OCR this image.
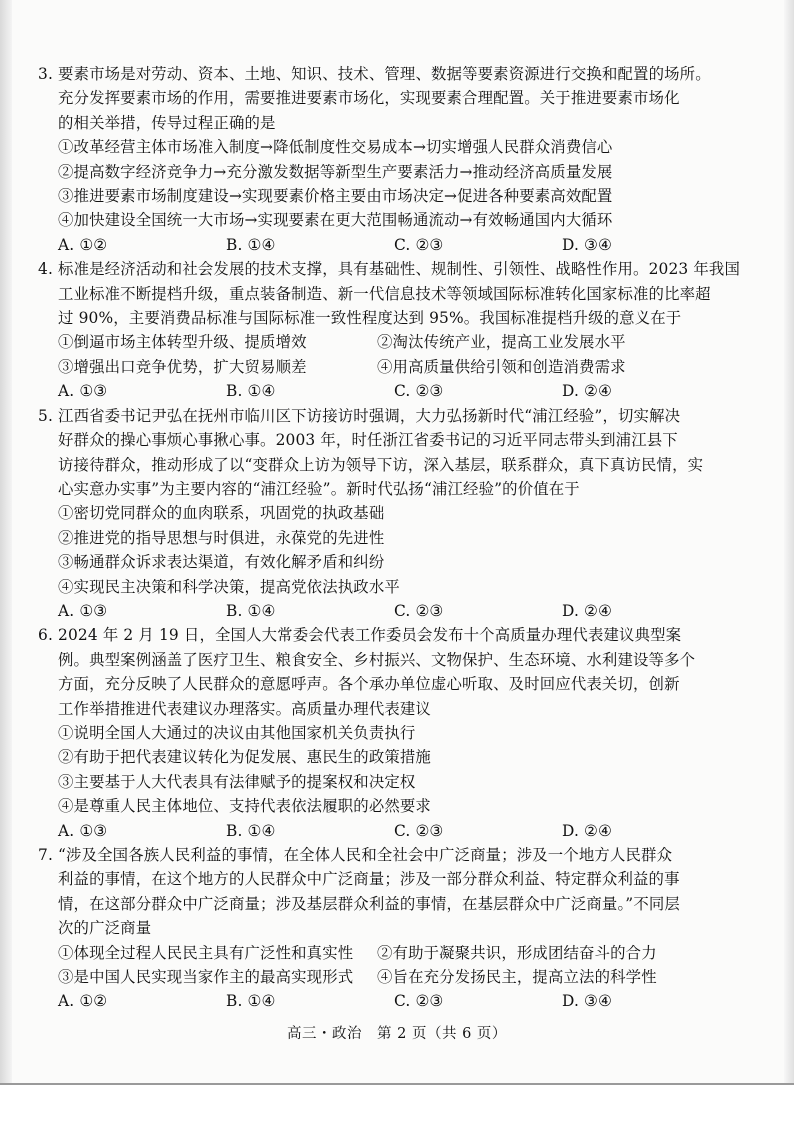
3. 要素市场是对劳动、资本、土地、知识、技术、管理、数据等要素资源进行交换和配置的场所。
充分发挥要素市场的作用，需要推进要素市场化，实现要素合理配置。关于推进要素市场化
的相关举措，传导过程正确的是
①改革经营主体市场准入制度→降低制度性交易成本→切实增强人民群众消费信心
②提高数字经济竞争力→充分激发数据等新型生产要素活力→推动经济高质量发展
③推进要素市场制度建设→实现要素价格主要由市场决定→促进各种要素高效配置
④加快建设全国统一大市场→实现要素在更大范围畅通流动→有效畅通国内大循环
A. ①②	B. ①④	C. ②③	D. ③④
4. 标准是经济活动和社会发展的技术支撑，具有基础性、规制性、引领性、战略性作用。2023 年我国
工业标准不断提档升级，重点装备制造、新一代信息技术等领域国际标准转化国家标准的比率超
过 90%，主要消费品标准与国际标准一致性程度达到 95%。我国标准提档升级的意义在于
①倒逼市场主体转型升级、提质增效	②淘汰传统产业，提高工业发展水平
③增强出口竞争优势，扩大贸易顺差	④用高质量供给引领和创造消费需求
A. ①③	B. ①④	C. ②③	D. ②④
5. 江西省委书记尹弘在抚州市临川区下访接访时强调，大力弘扬新时代“浦江经验”，切实解决
好群众的操心事烦心事揪心事。2003 年，时任浙江省委书记的习近平同志带头到浦江县下
访接待群众，推动形成了以“变群众上访为领导下访，深入基层，联系群众，真下真访民情，实
心实意办实事”为主要内容的“浦江经验”。新时代弘扬“浦江经验”的价值在于
①密切党同群众的血肉联系，巩固党的执政基础
②推进党的指导思想与时俱进，永葆党的先进性
③畅通群众诉求表达渠道，有效化解矛盾和纠纷
④实现民主决策和科学决策，提高党依法执政水平
A. ①③	B. ①④	C. ②③	D. ②④
6. 2024 年 2 月 19 日，全国人大常委会代表工作委员会发布十个高质量办理代表建议典型案
例。典型案例涵盖了医疗卫生、粮食安全、乡村振兴、文物保护、生态环境、水利建设等多个
方面，充分反映了人民群众的意愿呼声。各个承办单位虚心听取、及时回应代表关切，创新
工作举措推进代表建议办理落实。高质量办理代表建议
①说明全国人大通过的决议由其他国家机关负责执行
②有助于把代表建议转化为促发展、惠民生的政策措施
③主要基于人大代表具有法律赋予的提案权和决定权
④是尊重人民主体地位、支持代表依法履职的必然要求
A. ①③	B. ①④	C. ②③	D. ②④
7. “涉及全国各族人民利益的事情，在全体人民和全社会中广泛商量；涉及一个地方人民群众
利益的事情，在这个地方的人民群众中广泛商量；涉及一部分群众利益、特定群众利益的事
情，在这部分群众中广泛商量；涉及基层群众利益的事情，在基层群众中广泛商量。”不同层
次的广泛商量
①体现全过程人民民主具有广泛性和真实性	②有助于凝聚共识，形成团结奋斗的合力
③是中国人民实现当家作主的最高实现形式	④旨在充分发扬民主，提高立法的科学性
A. ①②	B. ①④	C. ②③	D. ③④
高三・政治　第 2 页（共 6 页）
